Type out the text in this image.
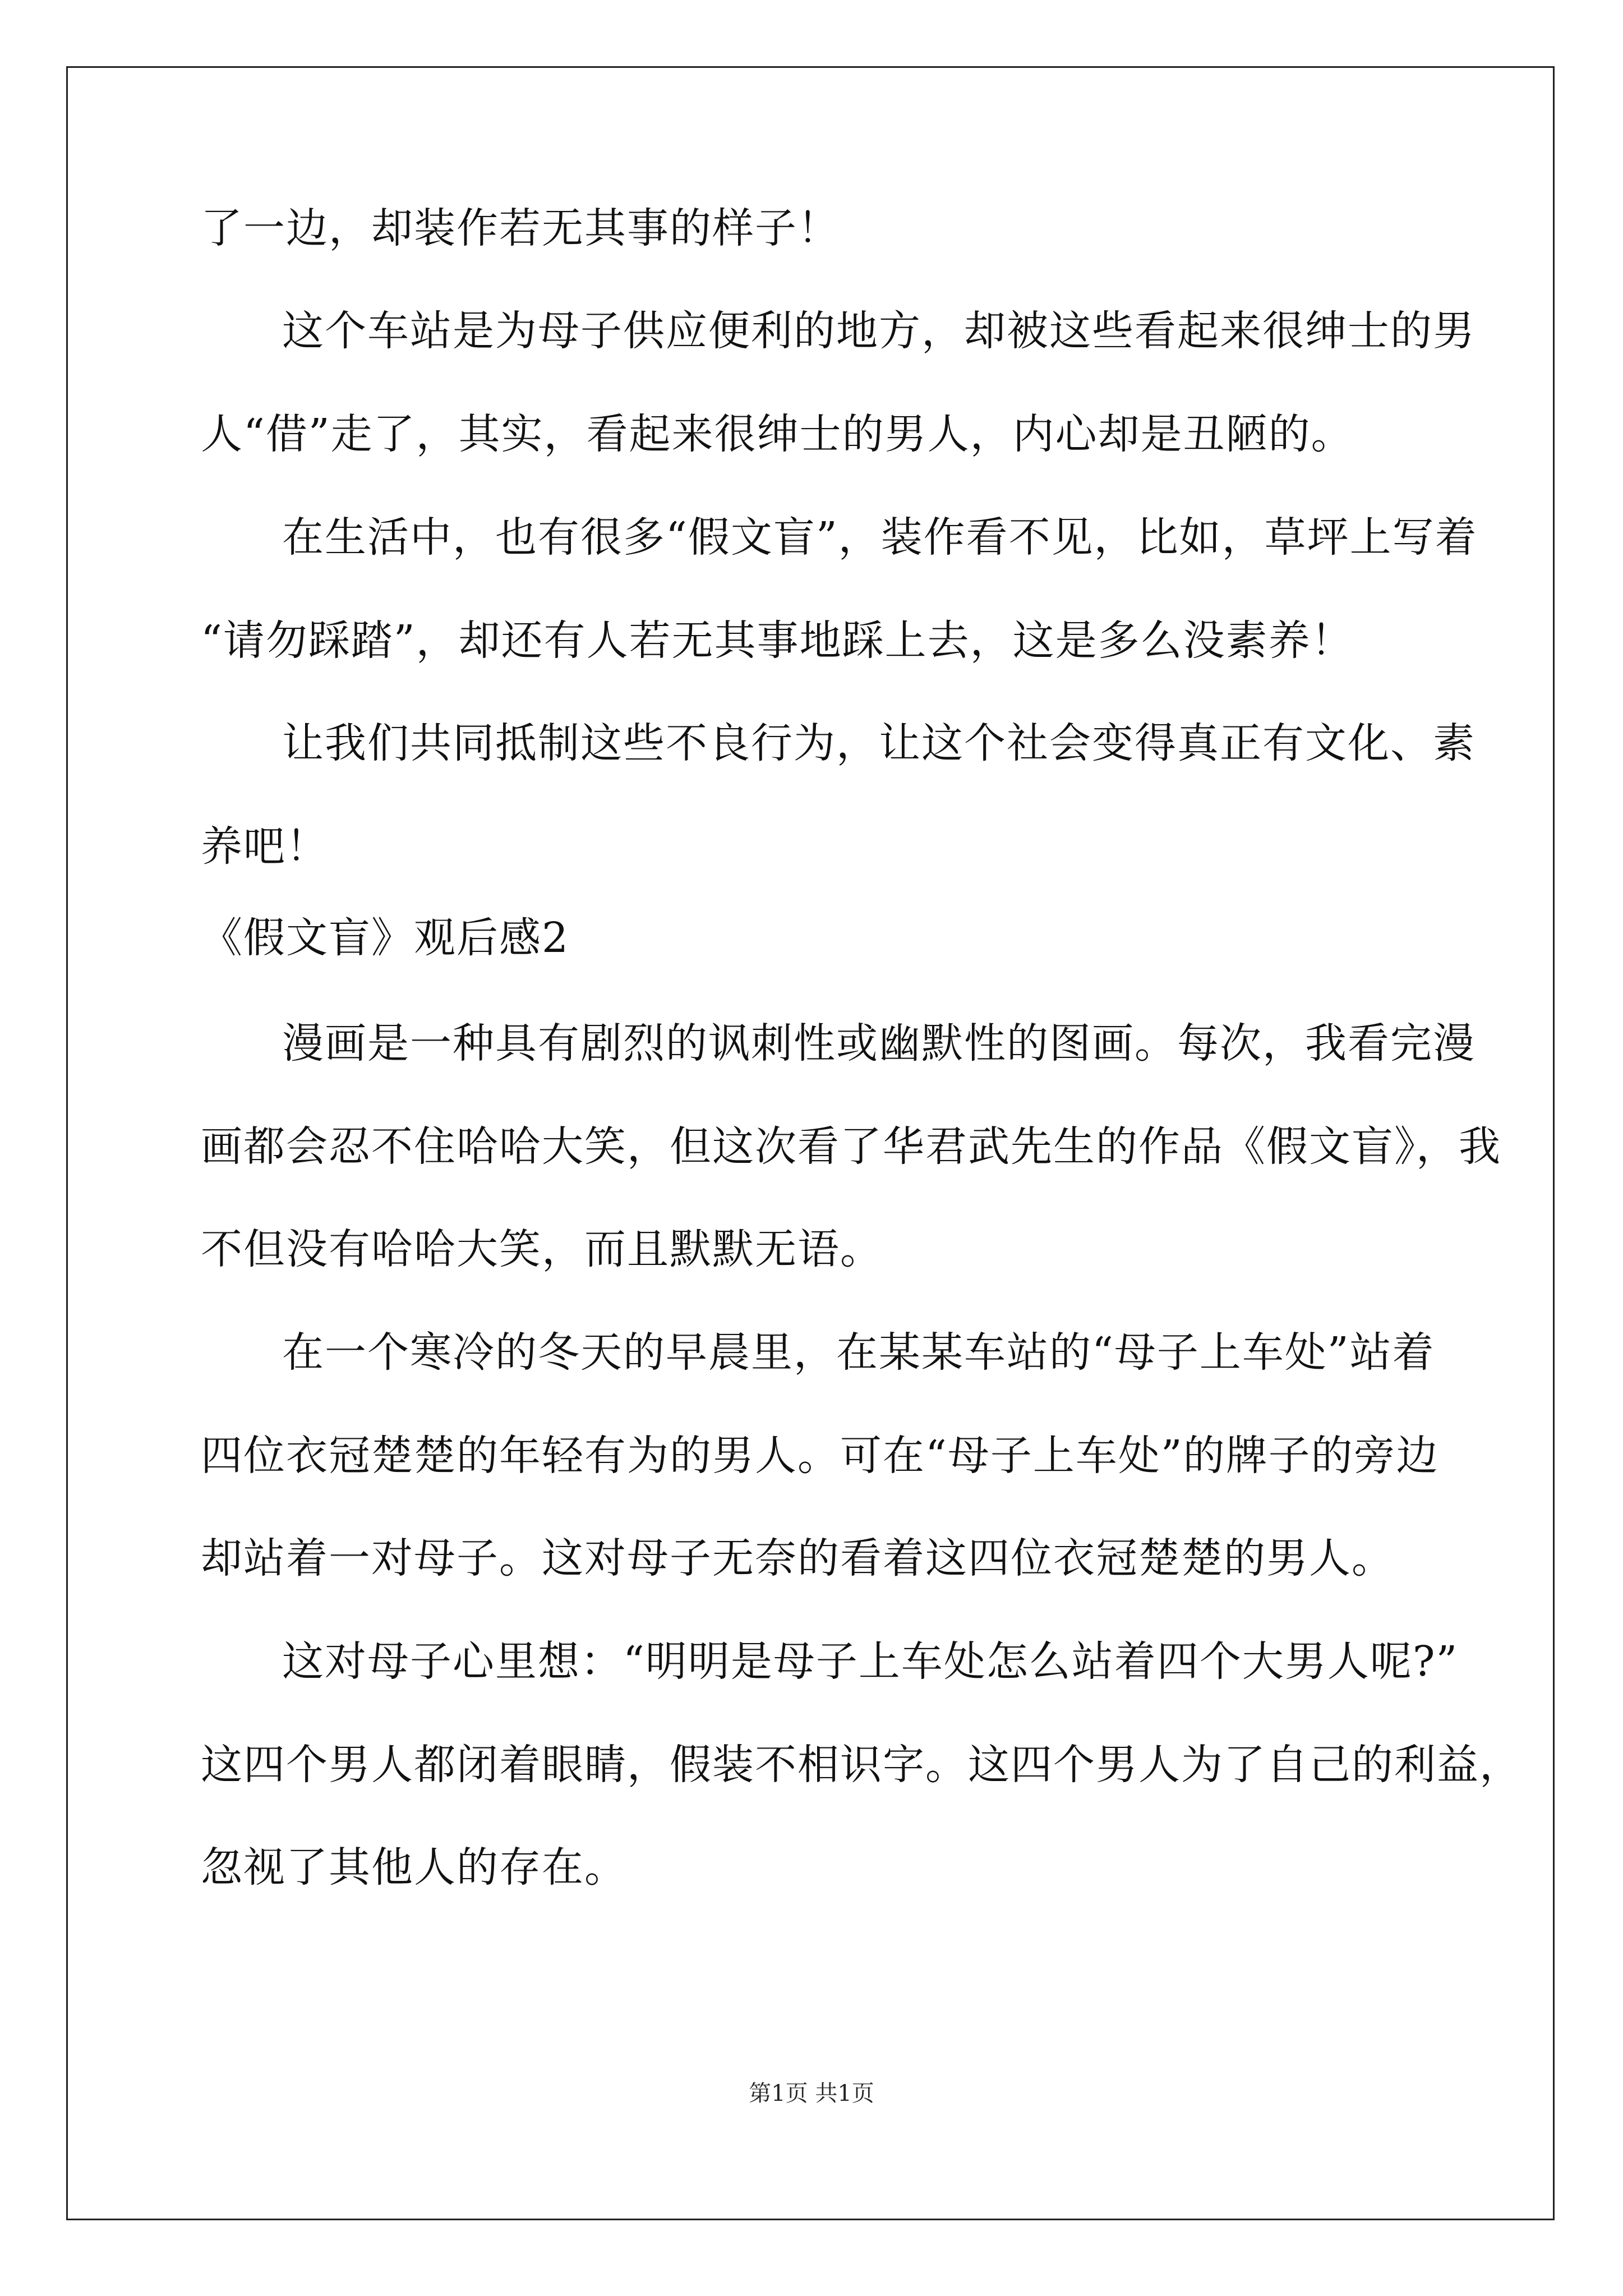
了一边，却装作若无其事的样子！
这个车站是为母子供应便利的地方，却被这些看起来很绅士的男
人“借”走了，其实，看起来很绅士的男人，内心却是丑陋的。
在生活中，也有很多“假文盲”，装作看不见，比如，草坪上写着
“请勿踩踏”，却还有人若无其事地踩上去，这是多么没素养！
让我们共同抵制这些不良行为，让这个社会变得真正有文化、素
养吧！
《假文盲》观后感2
漫画是一种具有剧烈的讽刺性或幽默性的图画。每次，我看完漫
画都会忍不住哈哈大笑，但这次看了华君武先生的作品《假文盲》，我
不但没有哈哈大笑，而且默默无语。
在一个寒冷的冬天的早晨里，在某某车站的“母子上车处”站着
四位衣冠楚楚的年轻有为的男人。可在“母子上车处”的牌子的旁边
却站着一对母子。这对母子无奈的看着这四位衣冠楚楚的男人。
这对母子心里想：“明明是母子上车处怎么站着四个大男人呢?”
这四个男人都闭着眼睛，假装不相识字。这四个男人为了自己的利益，
忽视了其他人的存在。
第1页 共1页
